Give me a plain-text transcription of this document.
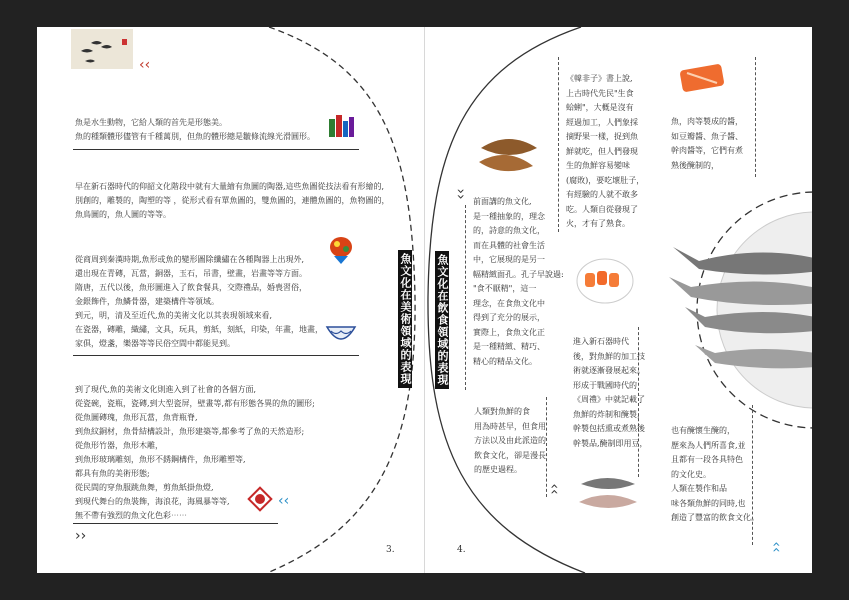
‹‹

魚是水生動物，它給人類的首先是形態美。

魚的種類體形儘管有千種萬別，但魚的體形總是皺條流線光滑圓形。

早在新石器時代的仰韶文化階段中就有大量繪有魚圖的陶器,這些魚圖從技法看有形繪的,

別創的，雕製的，陶塑的等 ，從形式看有單魚圖的，雙魚圖的，連體魚圖的，魚物圖的，

魚鳥圖的，魚人圖的等等。

從商周到秦漢時期,魚形或魚的變形圖除纖繡在各種陶器上出現外,

還出現在青磚，瓦當，銅器，玉石，吊書，壁畫，岩畫等等方面。

隋唐，五代以後，魚形圖進入了飲食餐具，交際禮品，婚喪習俗，

金銀飾件，魚鱗骨器，建築構件等領域。

到元，明，清及至近代,魚的美術文化以其表現領域來看,

在瓷器，磚雕，織繡，文具，玩具，剪紙，刻紙，印染，年畫，地畫，

家俱，燈盞，樂器等等民俗空間中都能見到。

到了現代,魚的美術文化則進入到了社會的各個方面,

從瓷碗，瓷瓶，瓷磚,到大型瓷屏，壁畫等,都有形態各異的魚的圖形;

從魚圖磚瑰，魚形瓦當，魚背瓶脊,

到魚紋銅材，魚骨結構設計，魚形建築等,都參考了魚的天然造形;

從魚形竹器，魚形木雕，

到魚形玻璃雕刻，魚形不銹鋼構件，魚形雕塑等,

都具有魚的美術形態;

從民間的穿魚服跳魚舞，剪魚紙掛魚燈,

到現代舞台的魚裝飾，海浪花，海風暴等等,

無不帶有強烈的魚文化色彩⋯⋯

‹‹
››
魚文化在美術領域的表現
3.
魚文化在飲食領域的表現
››

前面講的魚文化,

是一種抽象的，理念

的，詩意的魚文化，

而在具體的社會生活

中，它展現的是另一

幅精緻面孔。孔子早說過:

"食不厭精"，這一

理念，在食魚文化中

得到了充分的展示，

實際上，食魚文化正

是一種精緻、精巧、

精心的精品文化。

人類對魚鮮的食

用為時甚早，但食用

方法以及由此派造的

飲食文化，卻是漫長

的歷史過程。

››

《韓非子》書上說,

上古時代先民"生食

蛤蜊"，大概是沒有

經過加工，人們象採

摘野果一樣，捉到魚

鮮就吃，但人們發現

生的魚鮮容易變味

(腐敗)，要吃壞肚子，

有經驗的人就不敢多

吃。人類自從發現了

火，才有了熟食。

進入新石器時代

後，對魚鮮的加工技

術就逐漸發展起來。

形成于戰國時代的

《周禮》中就記載了

魚鮮的炸制和醃製，

幹製包括熏或煮熟後

幹製品,醃制即用豆，

魚，肉等製成的醬，

如豆瓣醬、魚子醬、

幹肉醬等，它們有煮

熟後醃制的，

也有醃懷生醃的，

歷來為人們所喜食,並

且都有一段各具特色

的文化史。

人類在製作和品

味各類魚鮮的同時,也

創造了豐富的飲食文化。

››
4.
